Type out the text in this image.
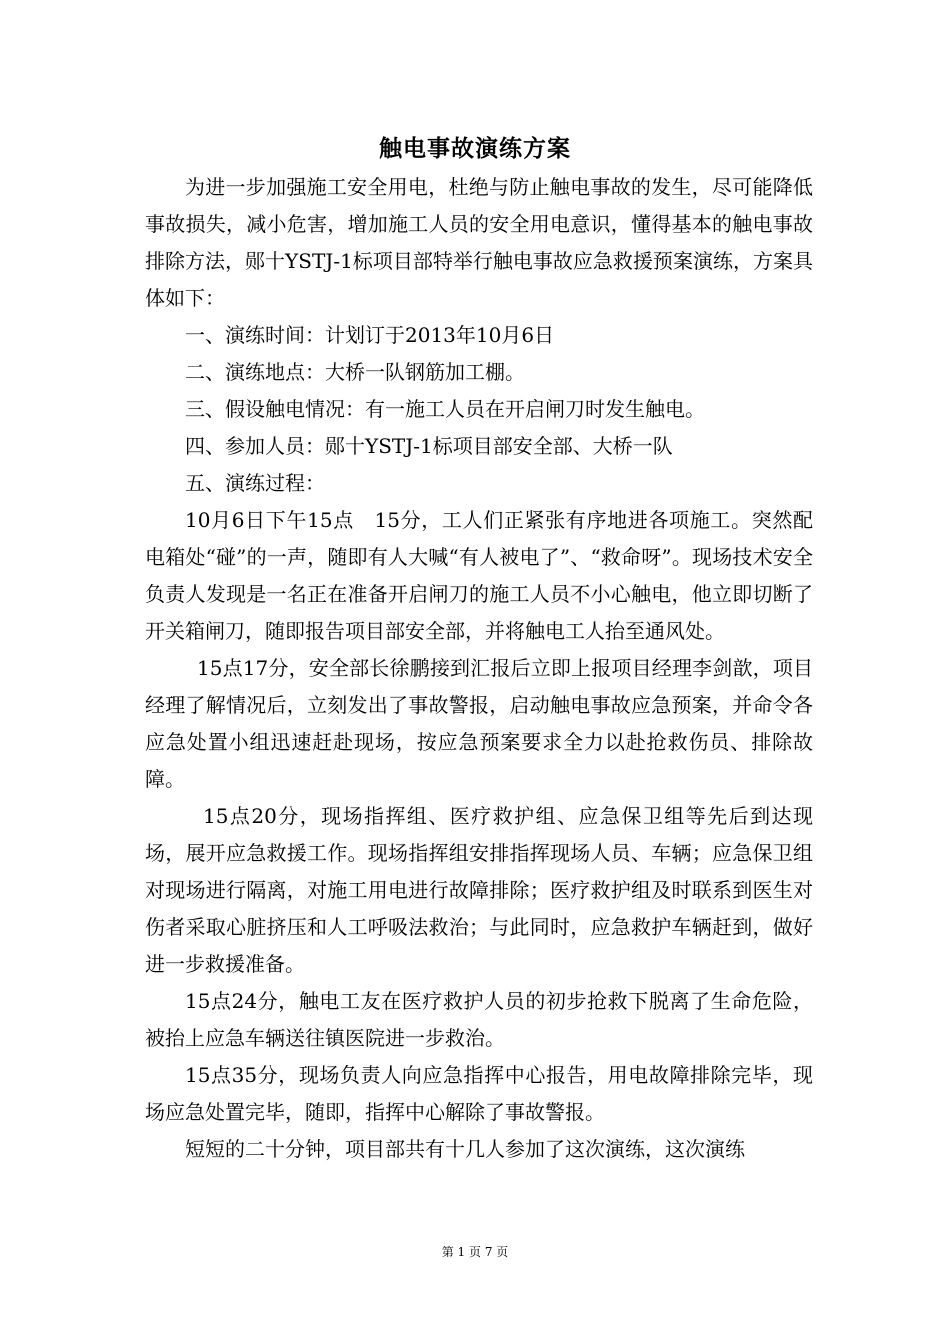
触电事故演练方案

为进一步加强施工安全用电，杜绝与防止触电事故的发生，尽可能降低事故损失，减小危害，增加施工人员的安全用电意识，懂得基本的触电事故排除方法，郧十YSTJ-1标项目部特举行触电事故应急救援预案演练，方案具体如下：

一、演练时间：计划订于2013年10月6日

二、演练地点：大桥一队钢筋加工棚。

三、假设触电情况：有一施工人员在开启闸刀时发生触电。

四、参加人员：郧十YSTJ-1标项目部安全部、大桥一队

五、演练过程：

10月6日下午15点　15分，工人们正紧张有序地进各项施工。突然配电箱处“碰”的一声，随即有人大喊“有人被电了”、“救命呀”。现场技术安全负责人发现是一名正在准备开启闸刀的施工人员不小心触电，他立即切断了开关箱闸刀，随即报告项目部安全部，并将触电工人抬至通风处。

15点17分，安全部长徐鹏接到汇报后立即上报项目经理李剑歆，项目经理了解情况后，立刻发出了事故警报，启动触电事故应急预案，并命令各应急处置小组迅速赶赴现场，按应急预案要求全力以赴抢救伤员、排除故障。

15点20分，现场指挥组、医疗救护组、应急保卫组等先后到达现场，展开应急救援工作。现场指挥组安排指挥现场人员、车辆；应急保卫组对现场进行隔离，对施工用电进行故障排除；医疗救护组及时联系到医生对伤者采取心脏挤压和人工呼吸法救治；与此同时，应急救护车辆赶到，做好进一步救援准备。

15点24分，触电工友在医疗救护人员的初步抢救下脱离了生命危险，被抬上应急车辆送往镇医院进一步救治。

15点35分，现场负责人向应急指挥中心报告，用电故障排除完毕，现场应急处置完毕，随即，指挥中心解除了事故警报。

短短的二十分钟，项目部共有十几人参加了这次演练，这次演练

第 1 页 7 页
